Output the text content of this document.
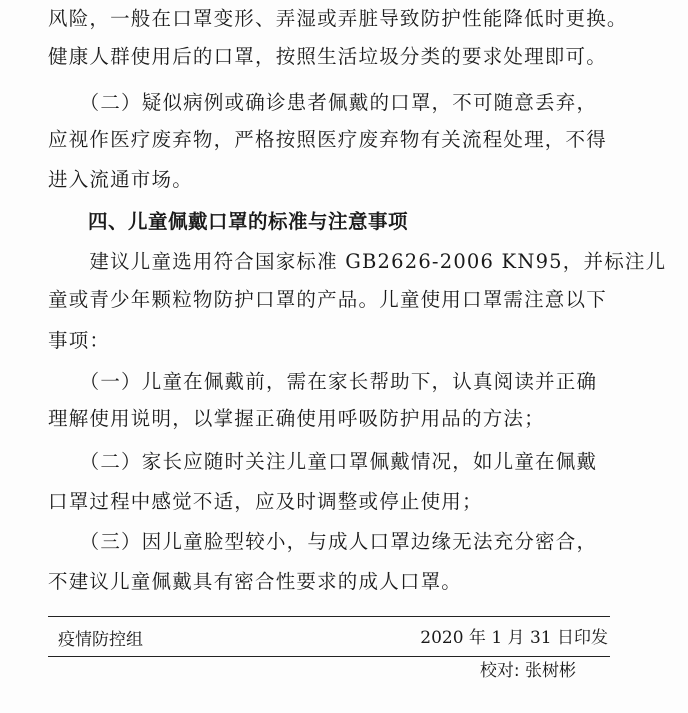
风险，一般在口罩变形、弄湿或弄脏导致防护性能降低时更换。
健康人群使用后的口罩，按照生活垃圾分类的要求处理即可。
　　（二）疑似病例或确诊患者佩戴的口罩，不可随意丢弃，
应视作医疗废弃物，严格按照医疗废弃物有关流程处理，不得
进入流通市场。
　　四、儿童佩戴口罩的标准与注意事项
　　建议儿童选用符合国家标准 GB2626-2006 KN95，并标注儿
童或青少年颗粒物防护口罩的产品。儿童使用口罩需注意以下
事项：
　　（一）儿童在佩戴前，需在家长帮助下，认真阅读并正确
理解使用说明，以掌握正确使用呼吸防护用品的方法；
　　（二）家长应随时关注儿童口罩佩戴情况，如儿童在佩戴
口罩过程中感觉不适，应及时调整或停止使用；
　　（三）因儿童脸型较小，与成人口罩边缘无法充分密合，
不建议儿童佩戴具有密合性要求的成人口罩。
疫情防控组	2020 年 1 月 31 日印发
校对: 张树彬
